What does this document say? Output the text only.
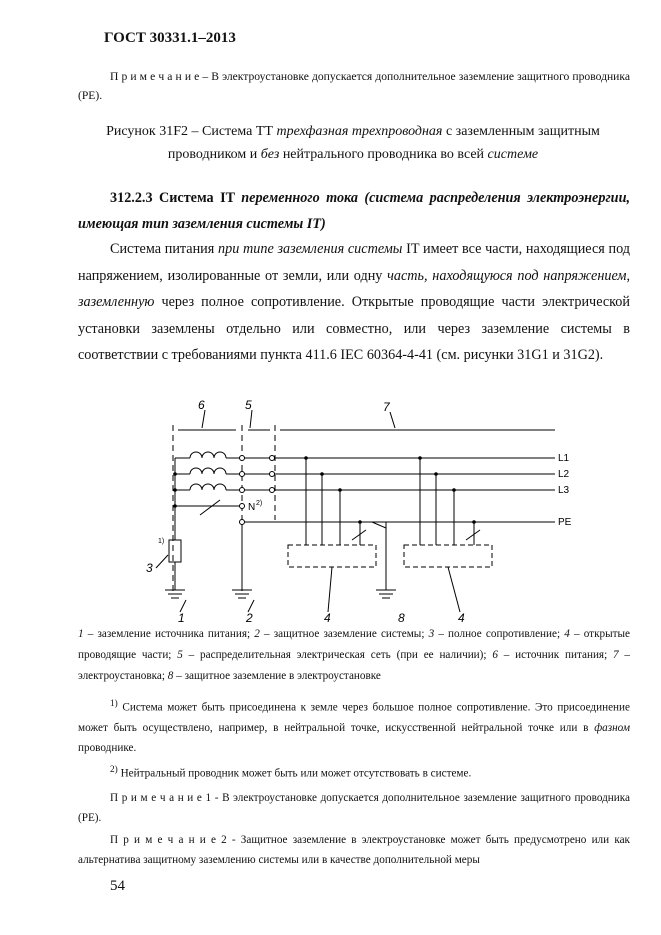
ГОСТ 30331.1–2013
П р и м е ч а н и е – В электроустановке допускается дополнительное заземление защитного проводника (PE).
Рисунок 31F2 – Система ТТ трехфазная трехпроводная с заземленным защитным проводником и без нейтрального проводника во всей системе
312.2.3 Система IT переменного тока (система распределения электроэнергии, имеющая тип заземления системы IT)
Система питания при типе заземления системы IT имеет все части, находящиеся под напряжением, изолированные от земли, или одну часть, находящуюся под напряжением, заземленную через полное сопротивление. Открытые проводящие части электрической установки заземлены отдельно или совместно, или через заземление системы в соответствии с требованиями пункта 411.6 IEC 60364-4-41 (см. рисунки 31G1 и 31G2).
L1
L2
L3
PE
N 2)
1)
6	5	7
3
1	2	4	8	4
1 – заземление источника питания; 2 – защитное заземление системы; 3 – полное сопротивление; 4 – открытые проводящие части; 5 – распределительная электрическая сеть (при ее наличии); 6 – источник питания; 7 – электроустановка; 8 – защитное заземление в электроустановке
$^{1)}$ Система может быть присоединена к земле через большое полное сопротивление. Это присоединение может быть осуществлено, например, в нейтральной точке, искусственной нейтральной точке или в фазном проводнике.
$^{2)}$ Нейтральный проводник может быть или может отсутствовать в системе.
П р и м е ч а н и е 1 - В электроустановке допускается дополнительное заземление защитного проводника (PE).
П р и м е ч а н и е 2 - Защитное заземление в электроустановке может быть предусмотрено или как альтернатива защитному заземлению системы или в качестве дополнительной меры
54
